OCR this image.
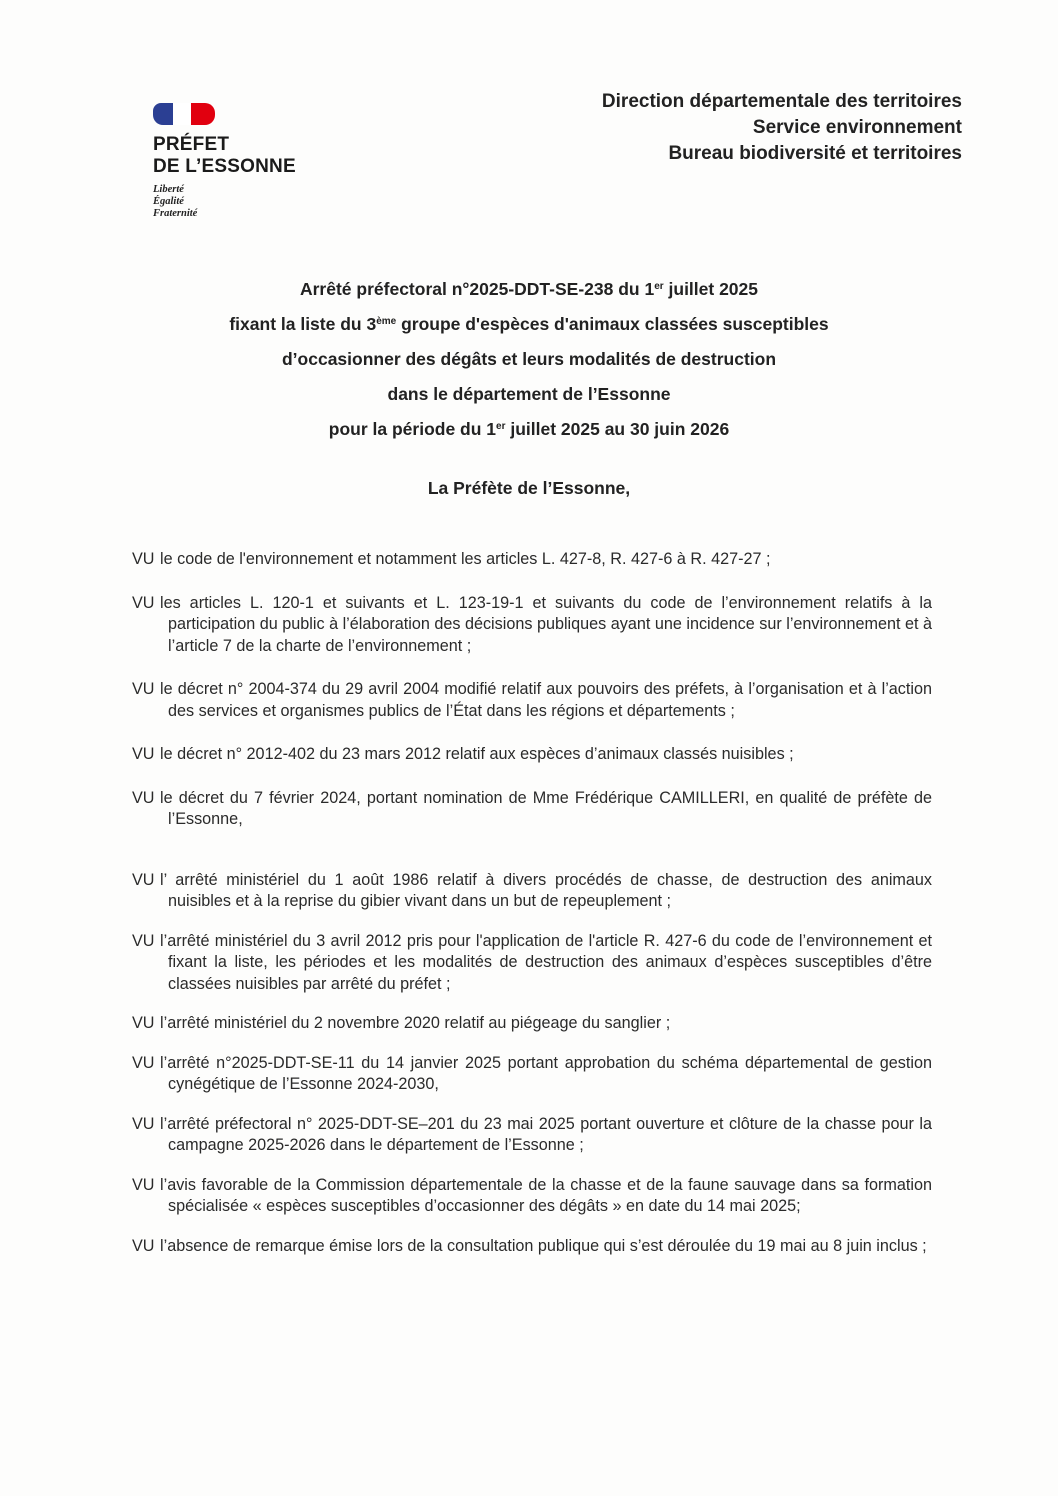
PRÉFET
DE L’ESSONNE
Liberté
Égalité
Fraternité
Direction départementale des territoires
Service environnement
Bureau biodiversité et territoires
Arrêté préfectoral n°2025-DDT-SE-238 du 1er juillet 2025
fixant la liste du 3ème groupe d'espèces d'animaux classées susceptibles
d’occasionner des dégâts et leurs modalités de destruction
dans le département de l’Essonne
pour la période du 1er juillet 2025 au 30 juin 2026
La Préfète de l’Essonne,

VU le code de l'environnement et notamment les articles L. 427-8, R. 427-6 à R. 427-27 ;

VU les articles L. 120-1 et suivants et L. 123-19-1 et suivants du code de l’environnement relatifs à la participation du public à l’élaboration des décisions publiques ayant une incidence sur l’environnement et à l’article 7 de la charte de l’environnement ;

VU le décret n° 2004-374 du 29 avril 2004 modifié relatif aux pouvoirs des préfets, à l’organisation et à l’action des services et organismes publics de l’État dans les régions et départements ;

VU le décret n° 2012-402 du 23 mars 2012 relatif aux espèces d’animaux classés nuisibles ;

VU le décret du 7 février 2024, portant nomination de Mme Frédérique CAMILLERI, en qualité de préfète de l’Essonne,

VU l’ arrêté ministériel du 1 août 1986 relatif à divers procédés de chasse, de destruction des animaux nuisibles et à la reprise du gibier vivant dans un but de repeuplement ;

VU l’arrêté ministériel du 3 avril 2012 pris pour l'application de l'article R. 427-6 du code de l’environnement et fixant la liste, les périodes et les modalités de destruction des animaux d’espèces susceptibles d’être classées nuisibles par arrêté du préfet ;

VU l’arrêté ministériel du 2 novembre 2020 relatif au piégeage du sanglier ;

VU l’arrêté n°2025-DDT-SE-11 du 14 janvier 2025 portant approbation du schéma départemental de gestion cynégétique de l’Essonne 2024-2030,

VU l’arrêté préfectoral n° 2025-DDT-SE–201 du 23 mai 2025 portant ouverture et clôture de la chasse pour la campagne 2025-2026 dans le département de l’Essonne ;

VU l’avis favorable de la Commission départementale de la chasse et de la faune sauvage dans sa formation spécialisée « espèces susceptibles d’occasionner des dégâts » en date du 14 mai 2025;

VU l’absence de remarque émise lors de la consultation publique qui s’est déroulée du 19 mai au 8 juin inclus ;
